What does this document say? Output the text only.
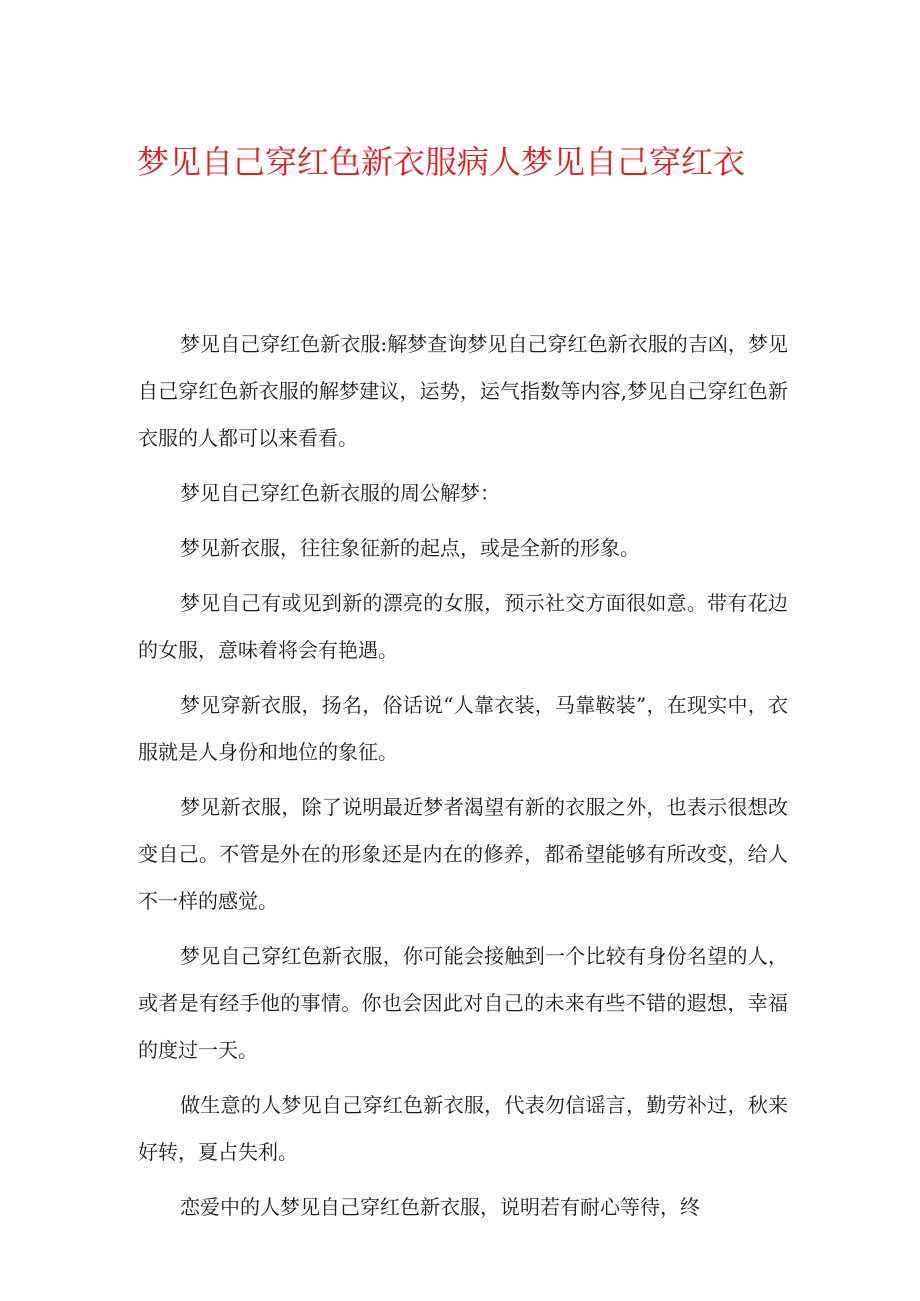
梦见自己穿红色新衣服病人梦见自己穿红衣

梦见自己穿红色新衣服:解梦查询梦见自己穿红色新衣服的吉凶，梦见自己穿红色新衣服的解梦建议，运势，运气指数等内容,梦见自己穿红色新衣服的人都可以来看看。

梦见自己穿红色新衣服的周公解梦：

梦见新衣服，往往象征新的起点，或是全新的形象。

梦见自己有或见到新的漂亮的女服，预示社交方面很如意。带有花边的女服，意味着将会有艳遇。

梦见穿新衣服，扬名，俗话说“人靠衣装，马靠鞍装”，在现实中，衣服就是人身份和地位的象征。

梦见新衣服，除了说明最近梦者渴望有新的衣服之外，也表示很想改变自己。不管是外在的形象还是内在的修养，都希望能够有所改变，给人不一样的感觉。

梦见自己穿红色新衣服，你可能会接触到一个比较有身份名望的人，或者是有经手他的事情。你也会因此对自己的未来有些不错的遐想，幸福的度过一天。

做生意的人梦见自己穿红色新衣服，代表勿信谣言，勤劳补过，秋来好转，夏占失利。

恋爱中的人梦见自己穿红色新衣服，说明若有耐心等待，终
